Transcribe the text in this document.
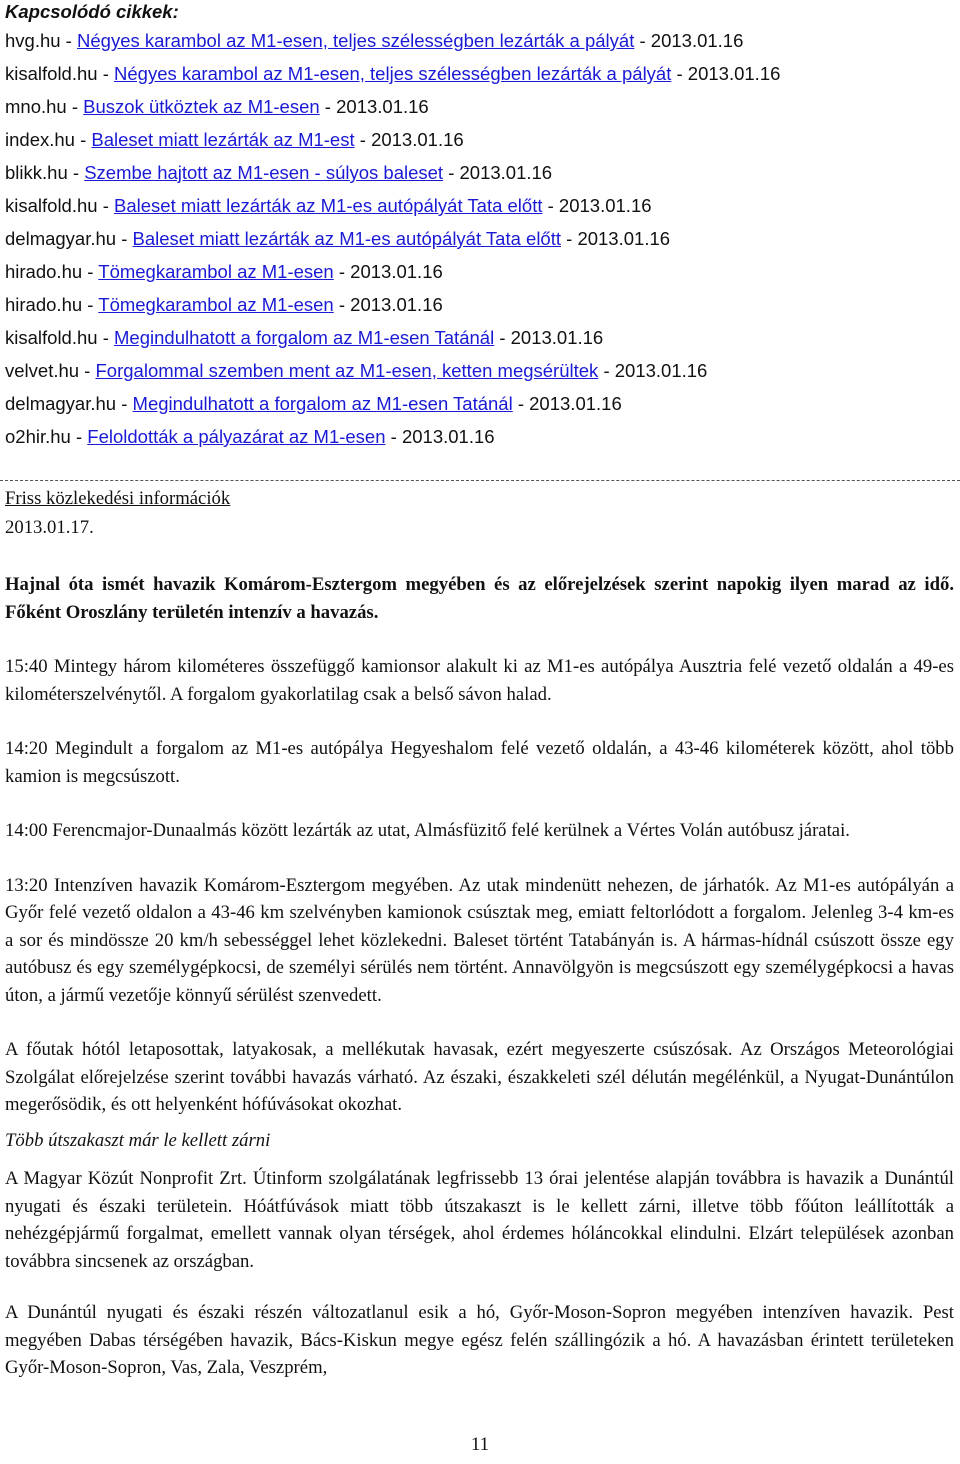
Kapcsolódó cikkek:
hvg.hu - Négyes karambol az M1-esen, teljes szélességben lezárták a pályát - 2013.01.16
kisalfold.hu - Négyes karambol az M1-esen, teljes szélességben lezárták a pályát - 2013.01.16
mno.hu - Buszok ütköztek az M1-esen - 2013.01.16
index.hu - Baleset miatt lezárták az M1-est - 2013.01.16
blikk.hu - Szembe hajtott az M1-esen - súlyos baleset - 2013.01.16
kisalfold.hu - Baleset miatt lezárták az M1-es autópályát Tata előtt - 2013.01.16
delmagyar.hu - Baleset miatt lezárták az M1-es autópályát Tata előtt - 2013.01.16
hirado.hu - Tömegkarambol az M1-esen - 2013.01.16
hirado.hu - Tömegkarambol az M1-esen - 2013.01.16
kisalfold.hu - Megindulhatott a forgalom az M1-esen Tatánál - 2013.01.16
velvet.hu - Forgalommal szemben ment az M1-esen, ketten megsérültek - 2013.01.16
delmagyar.hu - Megindulhatott a forgalom az M1-esen Tatánál - 2013.01.16
o2hir.hu - Feloldották a pályazárat az M1-esen - 2013.01.16

Friss közlekedési információk

2013.01.17.

Hajnal óta ismét havazik Komárom-Esztergom megyében és az előrejelzések szerint napokig ilyen marad az idő. Főként Oroszlány területén intenzív a havazás.

15:40 Mintegy három kilométeres összefüggő kamionsor alakult ki az M1-es autópálya Ausztria felé vezető oldalán a 49-es kilométerszelvénytől. A forgalom gyakorlatilag csak a belső sávon halad.

14:20 Megindult a forgalom az M1-es autópálya Hegyeshalom felé vezető oldalán, a 43-46 kilométerek között, ahol több kamion is megcsúszott.

14:00 Ferencmajor-Dunaalmás között lezárták az utat, Almásfüzitő felé kerülnek a Vértes Volán autóbusz járatai.

13:20 Intenzíven havazik Komárom-Esztergom megyében. Az utak mindenütt nehezen, de járhatók. Az M1-es autópályán a Győr felé vezető oldalon a 43-46 km szelvényben kamionok csúsztak meg, emiatt feltorlódott a forgalom. Jelenleg 3-4 km-es a sor és mindössze 20 km/h sebességgel lehet közlekedni. Baleset történt Tatabányán is. A hármas-hídnál csúszott össze egy autóbusz és egy személygépkocsi, de személyi sérülés nem történt. Annavölgyön is megcsúszott egy személygépkocsi a havas úton, a jármű vezetője könnyű sérülést szenvedett.

A főutak hótól letaposottak, latyakosak, a mellékutak havasak, ezért megyeszerte csúszósak. Az Országos Meteorológiai Szolgálat előrejelzése szerint további havazás várható. Az északi, északkeleti szél délután megélénkül, a Nyugat-Dunántúlon megerősödik, és ott helyenként hófúvásokat okozhat.

Több útszakaszt már le kellett zárni

A Magyar Közút Nonprofit Zrt. Útinform szolgálatának legfrissebb 13 órai jelentése alapján továbbra is havazik a Dunántúl nyugati és északi területein. Hóátfúvások miatt több útszakaszt is le kellett zárni, illetve több főúton leállították a nehézgépjármű forgalmat, emellett vannak olyan térségek, ahol érdemes hóláncokkal elindulni. Elzárt települések azonban továbbra sincsenek az országban.

A Dunántúl nyugati és északi részén változatlanul esik a hó, Győr-Moson-Sopron megyében intenzíven havazik. Pest megyében Dabas térségében havazik, Bács-Kiskun megye egész felén szállingózik a hó. A havazásban érintett területeken Győr-Moson-Sopron, Vas, Zala, Veszprém,

11
